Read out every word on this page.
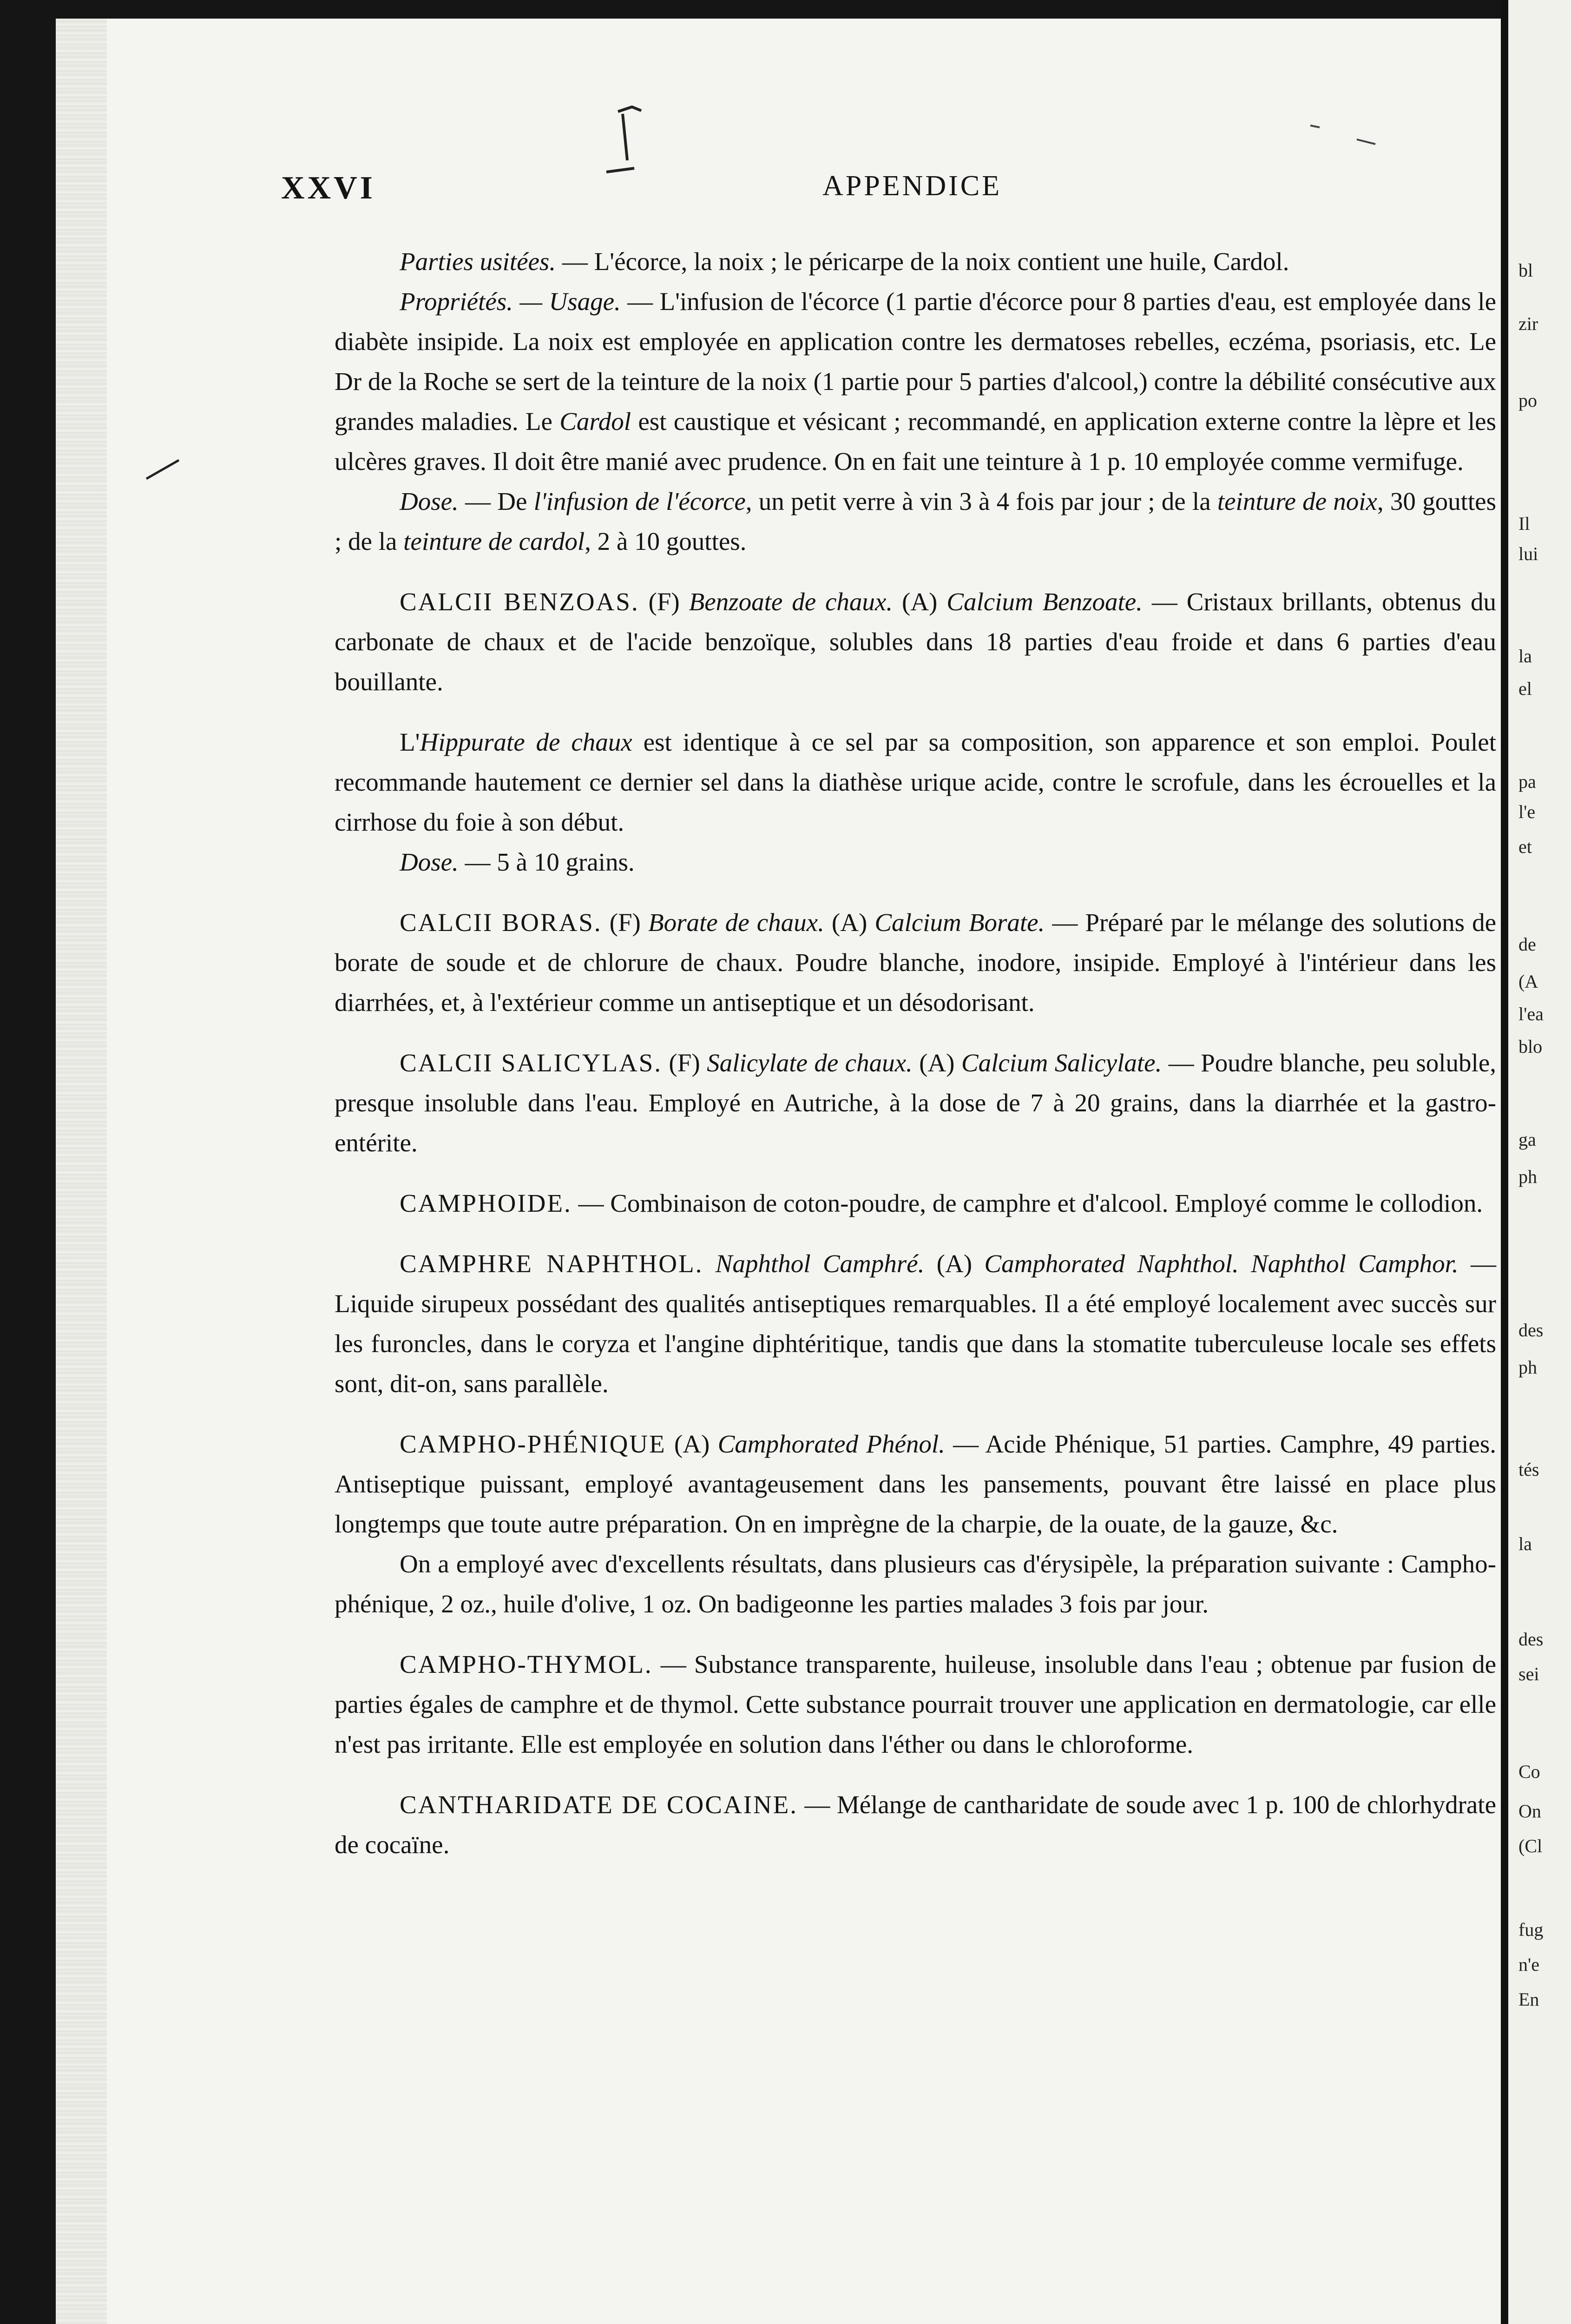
XXVI	APPENDICE

Parties usitées. — L'écorce, la noix ; le péricarpe de la noix contient une huile, Cardol.

Propriétés. — Usage. — L'infusion de l'écorce (1 partie d'écorce pour 8 parties d'eau, est employée dans le diabète insipide. La noix est employée en application contre les dermatoses rebelles, eczéma, psoriasis, etc. Le Dr de la Roche se sert de la teinture de la noix (1 partie pour 5 parties d'alcool,) contre la débilité consécutive aux grandes maladies. Le Cardol est caustique et vésicant ; recommandé, en application externe contre la lèpre et les ulcères graves. Il doit être manié avec prudence. On en fait une teinture à 1 p. 10 employée comme vermifuge.

Dose. — De l'infusion de l'écorce, un petit verre à vin 3 à 4 fois par jour ; de la teinture de noix, 30 gouttes ; de la teinture de cardol, 2 à 10 gouttes.

CALCII BENZOAS. (F) Benzoate de chaux. (A) Calcium Benzoate. — Cristaux brillants, obtenus du carbonate de chaux et de l'acide benzoïque, solubles dans 18 parties d'eau froide et dans 6 parties d'eau bouillante.

L'Hippurate de chaux est identique à ce sel par sa composition, son apparence et son emploi. Poulet recommande hautement ce dernier sel dans la diathèse urique acide, contre le scrofule, dans les écrouelles et la cirrhose du foie à son début.

Dose. — 5 à 10 grains.

CALCII BORAS. (F) Borate de chaux. (A) Calcium Borate. — Préparé par le mélange des solutions de borate de soude et de chlorure de chaux. Poudre blanche, inodore, insipide. Employé à l'intérieur dans les diarrhées, et, à l'extérieur comme un antiseptique et un désodorisant.

CALCII SALICYLAS. (F) Salicylate de chaux. (A) Calcium Salicylate. — Poudre blanche, peu soluble, presque insoluble dans l'eau. Employé en Autriche, à la dose de 7 à 20 grains, dans la diarrhée et la gastro-entérite.

CAMPHOIDE. — Combinaison de coton-poudre, de camphre et d'alcool. Employé comme le collodion.

CAMPHRE NAPHTHOL. Naphthol Camphré. (A) Camphorated Naphthol. Naphthol Camphor. — Liquide sirupeux possédant des qualités antiseptiques remarquables. Il a été employé localement avec succès sur les furoncles, dans le coryza et l'angine diphtéritique, tandis que dans la stomatite tuberculeuse locale ses effets sont, dit-on, sans parallèle.

CAMPHO-PHÉNIQUE (A) Camphorated Phénol. — Acide Phénique, 51 parties. Camphre, 49 parties. Antiseptique puissant, employé avantageusement dans les pansements, pouvant être laissé en place plus longtemps que toute autre préparation. On en imprègne de la charpie, de la ouate, de la gauze, &c.

On a employé avec d'excellents résultats, dans plusieurs cas d'érysipèle, la préparation suivante : Campho-phénique, 2 oz., huile d'olive, 1 oz. On badigeonne les parties malades 3 fois par jour.

CAMPHO-THYMOL. — Substance transparente, huileuse, insoluble dans l'eau ; obtenue par fusion de parties égales de camphre et de thymol. Cette substance pourrait trouver une application en dermatologie, car elle n'est pas irritante. Elle est employée en solution dans l'éther ou dans le chloroforme.

CANTHARIDATE DE COCAINE. — Mélange de cantharidate de soude avec 1 p. 100 de chlorhydrate de cocaïne.

bl
zir
po
Il
lui
la
el
pa
l'e
et
de
(A
l'ea
blo
ga
ph
des
ph
tés
la
des
sei
Co
On
(Cl
fug
n'e
En
